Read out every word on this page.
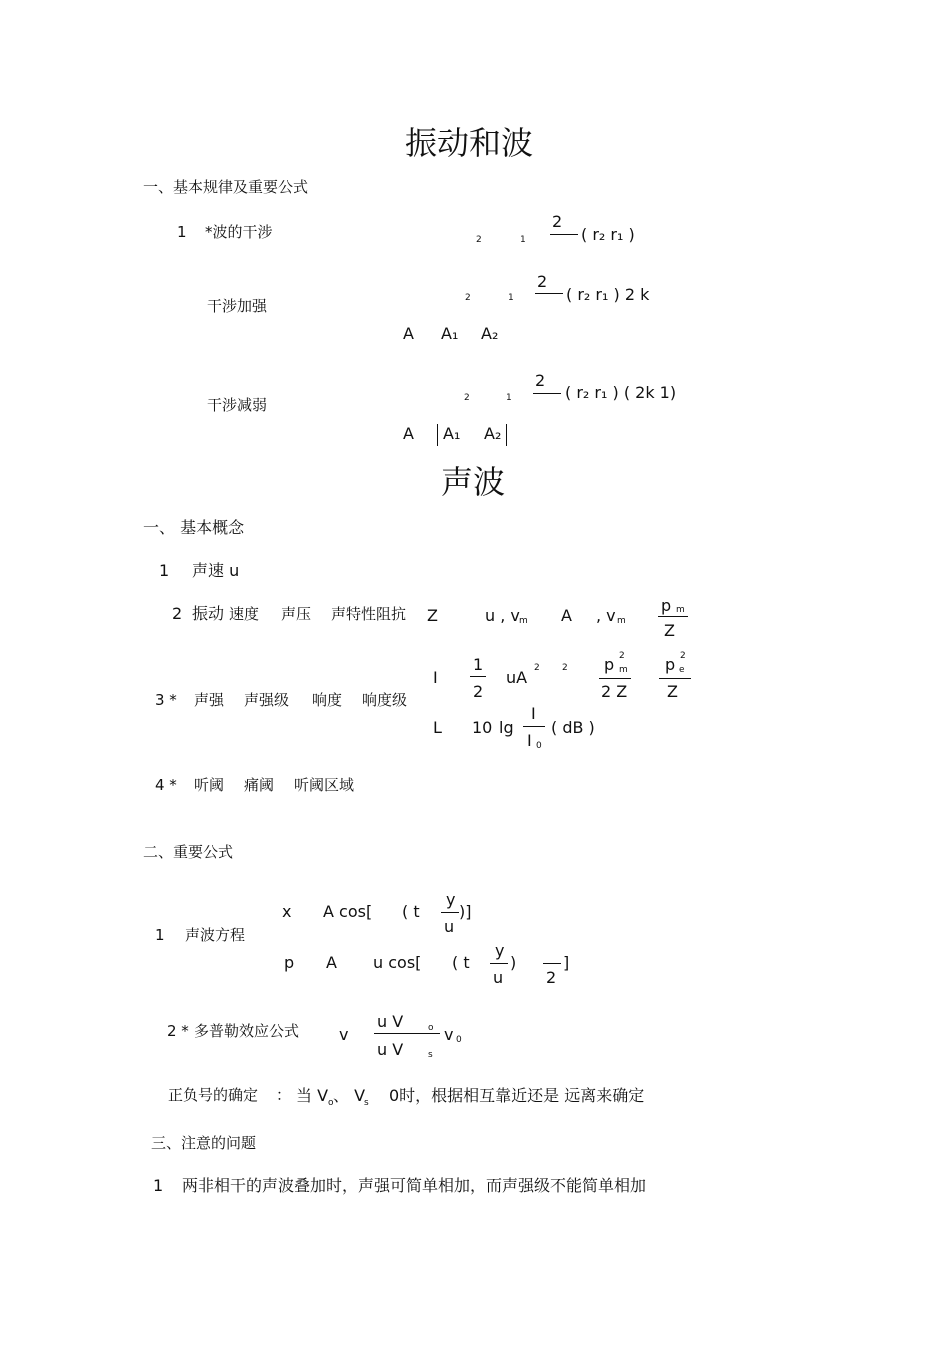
振动和波
一、基本规律及重要公式
1 *波的干涉	2	1
2
( r₂ r₁ )
干涉加强	2	1
2
( r₂ r₁ ) 2 k
A A₁ A₂
干涉减弱	2	1
2
( r₂ r₁ ) ( 2k 1)
A A₁ A₂
声波
一、 基本概念
1 声速 u
2 振动 速度 声压 声特性阻抗 Z	u , v m A , v m
p m
Z
3 * 声强 声强级 响度 响度级
I
1
2
uA 2 2 p 2
m
2 Z
p 2
e
Z
L 10 lg
I
I 0
( dB )
4 * 听阈 痛阈 听阈区域
二、重要公式
1 声波方程
x A cos[ ( t
y
u
)]
p A u cos[ ( t
y
u
)
2
]
2 * 多普勒效应公式 v
u V	o
u V	s
v 0
正负号的确定 ： 当 V o 、 V
s 0时，根据相互靠近还是 远离来确定
三、注意的问题
1 两非相干的声波叠加时，声强可简单相加，而声强级不能简单相加
